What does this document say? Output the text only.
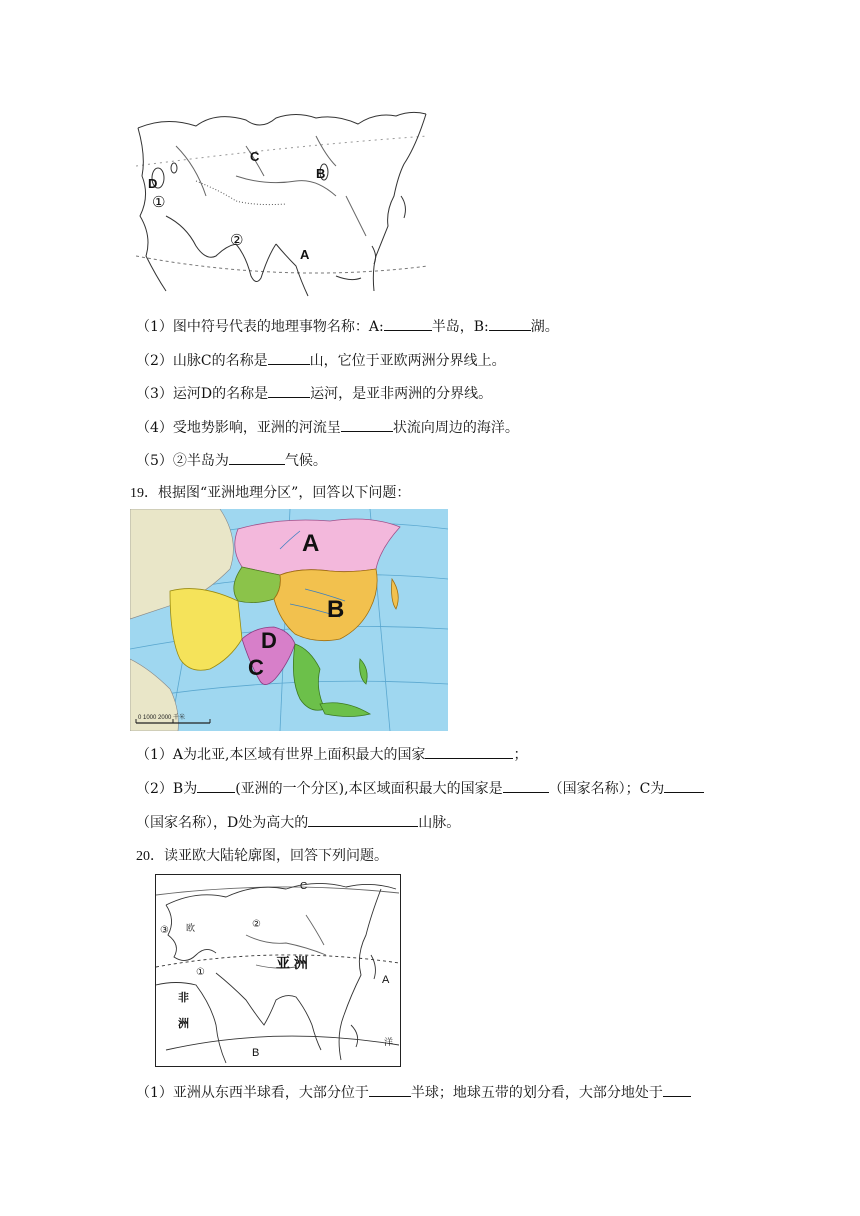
C
B
D
①
②
A
（1）图中符号代表的地理事物名称：A:	半岛，B:	湖。
（2）山脉C的名称是	山，它位于亚欧两洲分界线上。
（3）运河D的名称是	运河，是亚非两洲的分界线。
（4）受地势影响，亚洲的河流呈	状流向周边的海洋。
（5）②半岛为	气候。
19．根据图“亚洲地理分区”，回答以下问题：
0 1000 2000 千米
A
B
D
C
（1）A为北亚,本区域有世界上面积最大的国家	；
（2）B为	(亚洲的一个分区),本区域面积最大的国家是	（国家名称）；C为
（国家名称），D处为高大的	山脉。
20．读亚欧大陆轮廓图，回答下列问题。
C
亚 洲
非
洲
欧
A
B
①
②
③
洋
（1）亚洲从东西半球看，大部分位于	半球；地球五带的划分看，大部分地处于
